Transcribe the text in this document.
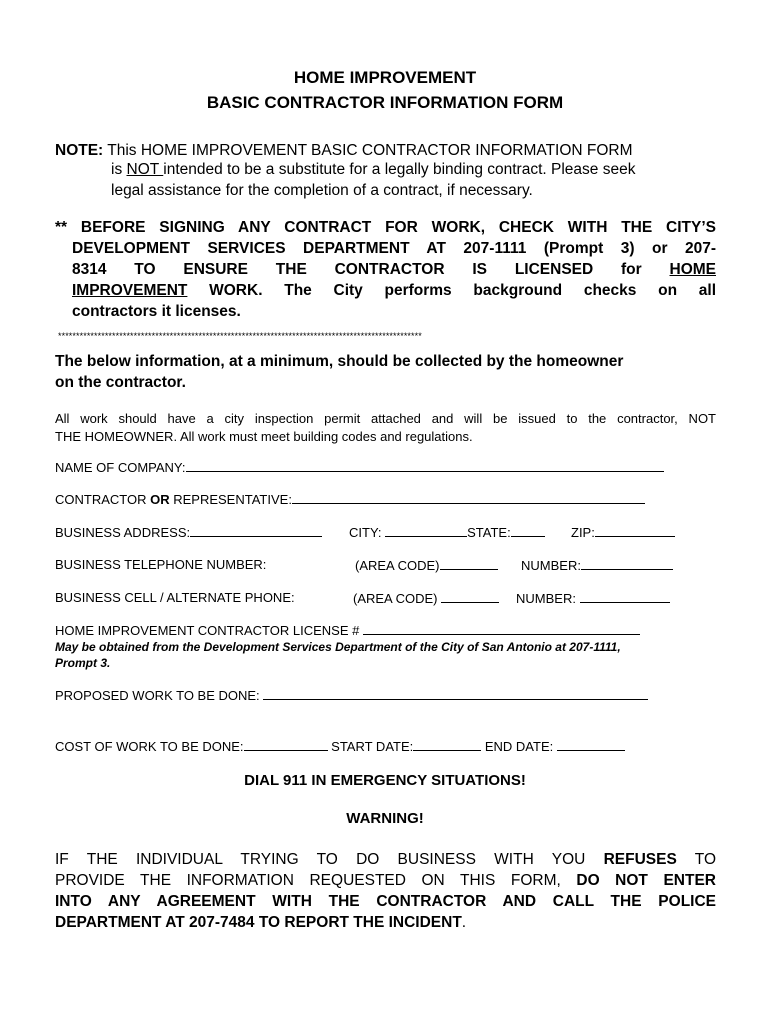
HOME IMPROVEMENT
BASIC CONTRACTOR INFORMATION FORM
NOTE: This HOME IMPROVEMENT BASIC CONTRACTOR INFORMATION FORM
is NOT intended to be a substitute for a legally binding contract. Please seek
legal assistance for the completion of a contract, if necessary.
** BEFORE SIGNING ANY CONTRACT FOR WORK, CHECK WITH THE CITY’S
DEVELOPMENT SERVICES DEPARTMENT AT 207-1111 (Prompt 3) or 207-
8314 TO ENSURE THE CONTRACTOR IS LICENSED for HOME
IMPROVEMENT WORK. The City performs background checks on all
contractors it licenses.
*****************************************************************************************************
The below information, at a minimum, should be collected by the homeowner
on the contractor.
All work should have a city inspection permit attached and will be issued to the contractor, NOT
THE HOMEOWNER. All work must meet building codes and regulations.
NAME OF COMPANY:
CONTRACTOR OR REPRESENTATIVE:
BUSINESS ADDRESS:	CITY:	STATE:	ZIP:
BUSINESS TELEPHONE NUMBER:	(AREA CODE)	NUMBER:
BUSINESS CELL / ALTERNATE PHONE:	(AREA CODE)	NUMBER:
HOME IMPROVEMENT CONTRACTOR LICENSE #
May be obtained from the Development Services Department of the City of San Antonio at 207-1111,
Prompt 3.
PROPOSED WORK TO BE DONE:
COST OF WORK TO BE DONE:	START DATE:	END DATE:
DIAL 911 IN EMERGENCY SITUATIONS!
WARNING!
IF THE INDIVIDUAL TRYING TO DO BUSINESS WITH YOU REFUSES TO
PROVIDE THE INFORMATION REQUESTED ON THIS FORM, DO NOT ENTER
INTO ANY AGREEMENT WITH THE CONTRACTOR AND CALL THE POLICE
DEPARTMENT AT 207-7484 TO REPORT THE INCIDENT.
